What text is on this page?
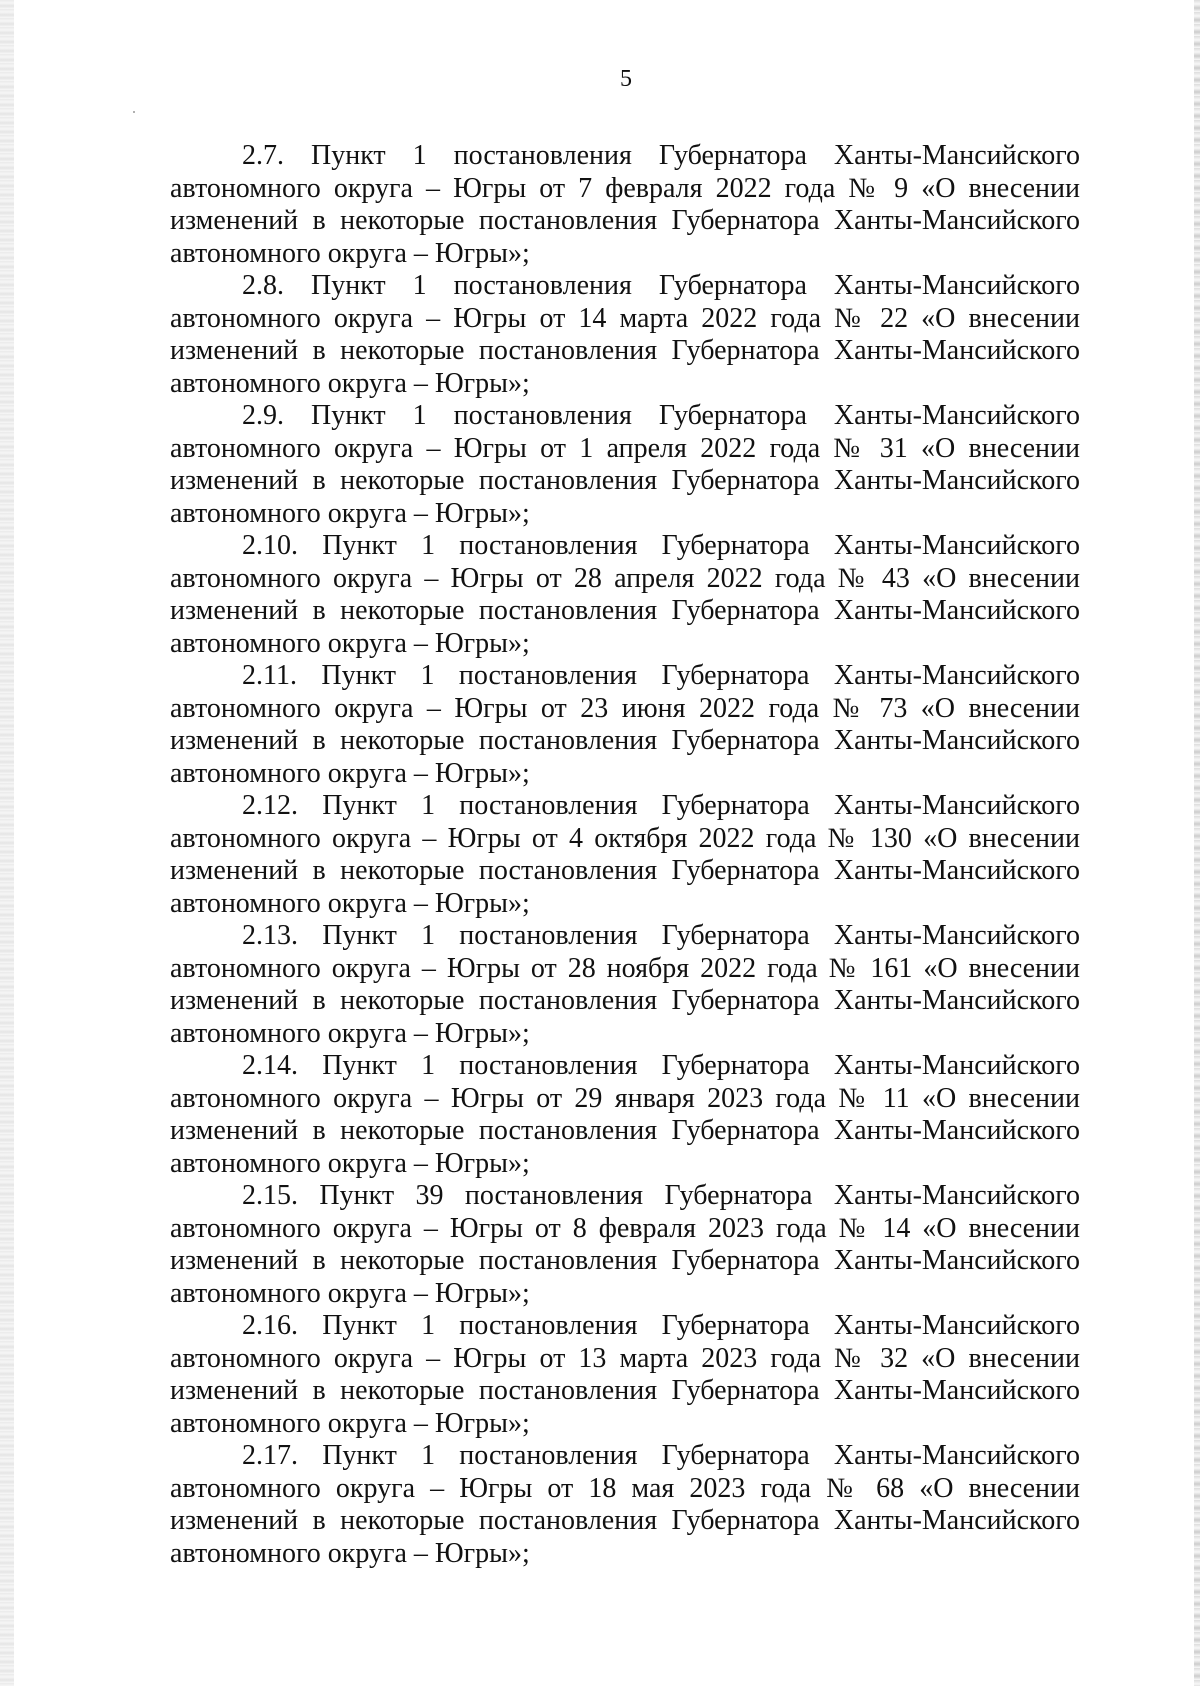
5

2.7. Пункт 1 постановления Губернатора Ханты-Мансийского автономного округа – Югры от 7 февраля 2022 года № 9 «О внесении изменений в некоторые постановления Губернатора Ханты-Мансийского автономного округа – Югры»;

2.8. Пункт 1 постановления Губернатора Ханты-Мансийского автономного округа – Югры от 14 марта 2022 года № 22 «О внесении изменений в некоторые постановления Губернатора Ханты-Мансийского автономного округа – Югры»;

2.9. Пункт 1 постановления Губернатора Ханты-Мансийского автономного округа – Югры от 1 апреля 2022 года № 31 «О внесении изменений в некоторые постановления Губернатора Ханты-Мансийского автономного округа – Югры»;

2.10. Пункт 1 постановления Губернатора Ханты-Мансийского автономного округа – Югры от 28 апреля 2022 года № 43 «О внесении изменений в некоторые постановления Губернатора Ханты-Мансийского автономного округа – Югры»;

2.11. Пункт 1 постановления Губернатора Ханты-Мансийского автономного округа – Югры от 23 июня 2022 года № 73 «О внесении изменений в некоторые постановления Губернатора Ханты-Мансийского автономного округа – Югры»;

2.12. Пункт 1 постановления Губернатора Ханты-Мансийского автономного округа – Югры от 4 октября 2022 года № 130 «О внесении изменений в некоторые постановления Губернатора Ханты-Мансийского автономного округа – Югры»;

2.13. Пункт 1 постановления Губернатора Ханты-Мансийского автономного округа – Югры от 28 ноября 2022 года № 161 «О внесении изменений в некоторые постановления Губернатора Ханты-Мансийского автономного округа – Югры»;

2.14. Пункт 1 постановления Губернатора Ханты-Мансийского автономного округа – Югры от 29 января 2023 года № 11 «О внесении изменений в некоторые постановления Губернатора Ханты-Мансийского автономного округа – Югры»;

2.15. Пункт 39 постановления Губернатора Ханты-Мансийского автономного округа – Югры от 8 февраля 2023 года № 14 «О внесении изменений в некоторые постановления Губернатора Ханты-Мансийского автономного округа – Югры»;

2.16. Пункт 1 постановления Губернатора Ханты-Мансийского автономного округа – Югры от 13 марта 2023 года № 32 «О внесении изменений в некоторые постановления Губернатора Ханты-Мансийского автономного округа – Югры»;

2.17. Пункт 1 постановления Губернатора Ханты-Мансийского автономного округа – Югры от 18 мая 2023 года № 68 «О внесении изменений в некоторые постановления Губернатора Ханты-Мансийского автономного округа – Югры»;
